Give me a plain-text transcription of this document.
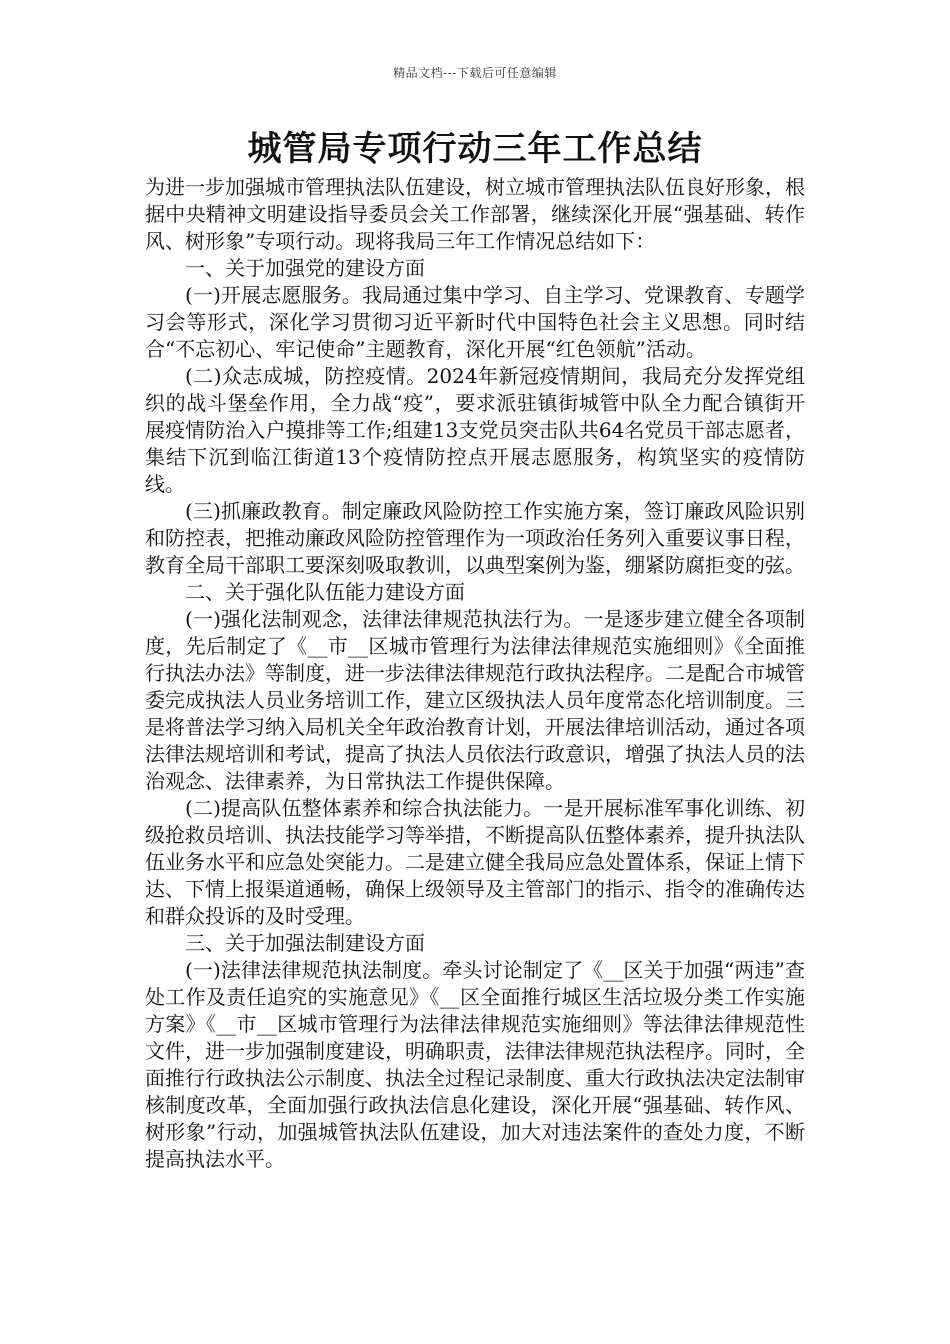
精品文档---下载后可任意编辑
城管局专项行动三年工作总结

为进一步加强城市管理执法队伍建设，树立城市管理执法队伍良好形象，根据中央精神文明建设指导委员会关工作部署，继续深化开展“强基础、转作风、树形象”专项行动。现将我局三年工作情况总结如下：

一、关于加强党的建设方面

(一)开展志愿服务。我局通过集中学习、自主学习、党课教育、专题学习会等形式，深化学习贯彻习近平新时代中国特色社会主义思想。同时结合“不忘初心、牢记使命”主题教育，深化开展“红色领航”活动。

(二)众志成城，防控疫情。2024年新冠疫情期间，我局充分发挥党组织的战斗堡垒作用，全力战“疫”，要求派驻镇街城管中队全力配合镇街开展疫情防治入户摸排等工作;组建13支党员突击队共64名党员干部志愿者，集结下沉到临江街道13个疫情防控点开展志愿服务，构筑坚实的疫情防线。

(三)抓廉政教育。制定廉政风险防控工作实施方案，签订廉政风险识别和防控表，把推动廉政风险防控管理作为一项政治任务列入重要议事日程，教育全局干部职工要深刻吸取教训，以典型案例为鉴，绷紧防腐拒变的弦。

二、关于强化队伍能力建设方面

(一)强化法制观念，法律法律规范执法行为。一是逐步建立健全各项制度，先后制定了《__市__区城市管理行为法律法律规范实施细则》《全面推行执法办法》等制度，进一步法律法律规范行政执法程序。二是配合市城管委完成执法人员业务培训工作，建立区级执法人员年度常态化培训制度。三是将普法学习纳入局机关全年政治教育计划，开展法律培训活动，通过各项法律法规培训和考试，提高了执法人员依法行政意识，增强了执法人员的法治观念、法律素养，为日常执法工作提供保障。

(二)提高队伍整体素养和综合执法能力。一是开展标准军事化训练、初级抢救员培训、执法技能学习等举措，不断提高队伍整体素养，提升执法队伍业务水平和应急处突能力。二是建立健全我局应急处置体系，保证上情下达、下情上报渠道通畅，确保上级领导及主管部门的指示、指令的准确传达和群众投诉的及时受理。

三、关于加强法制建设方面

(一)法律法律规范执法制度。牵头讨论制定了《__区关于加强“两违”查处工作及责任追究的实施意见》《__区全面推行城区生活垃圾分类工作实施方案》《__市__区城市管理行为法律法律规范实施细则》等法律法律规范性文件，进一步加强制度建设，明确职责，法律法律规范执法程序。同时，全面推行行政执法公示制度、执法全过程记录制度、重大行政执法决定法制审核制度改革，全面加强行政执法信息化建设，深化开展“强基础、转作风、树形象”行动，加强城管执法队伍建设，加大对违法案件的查处力度，不断提高执法水平。
